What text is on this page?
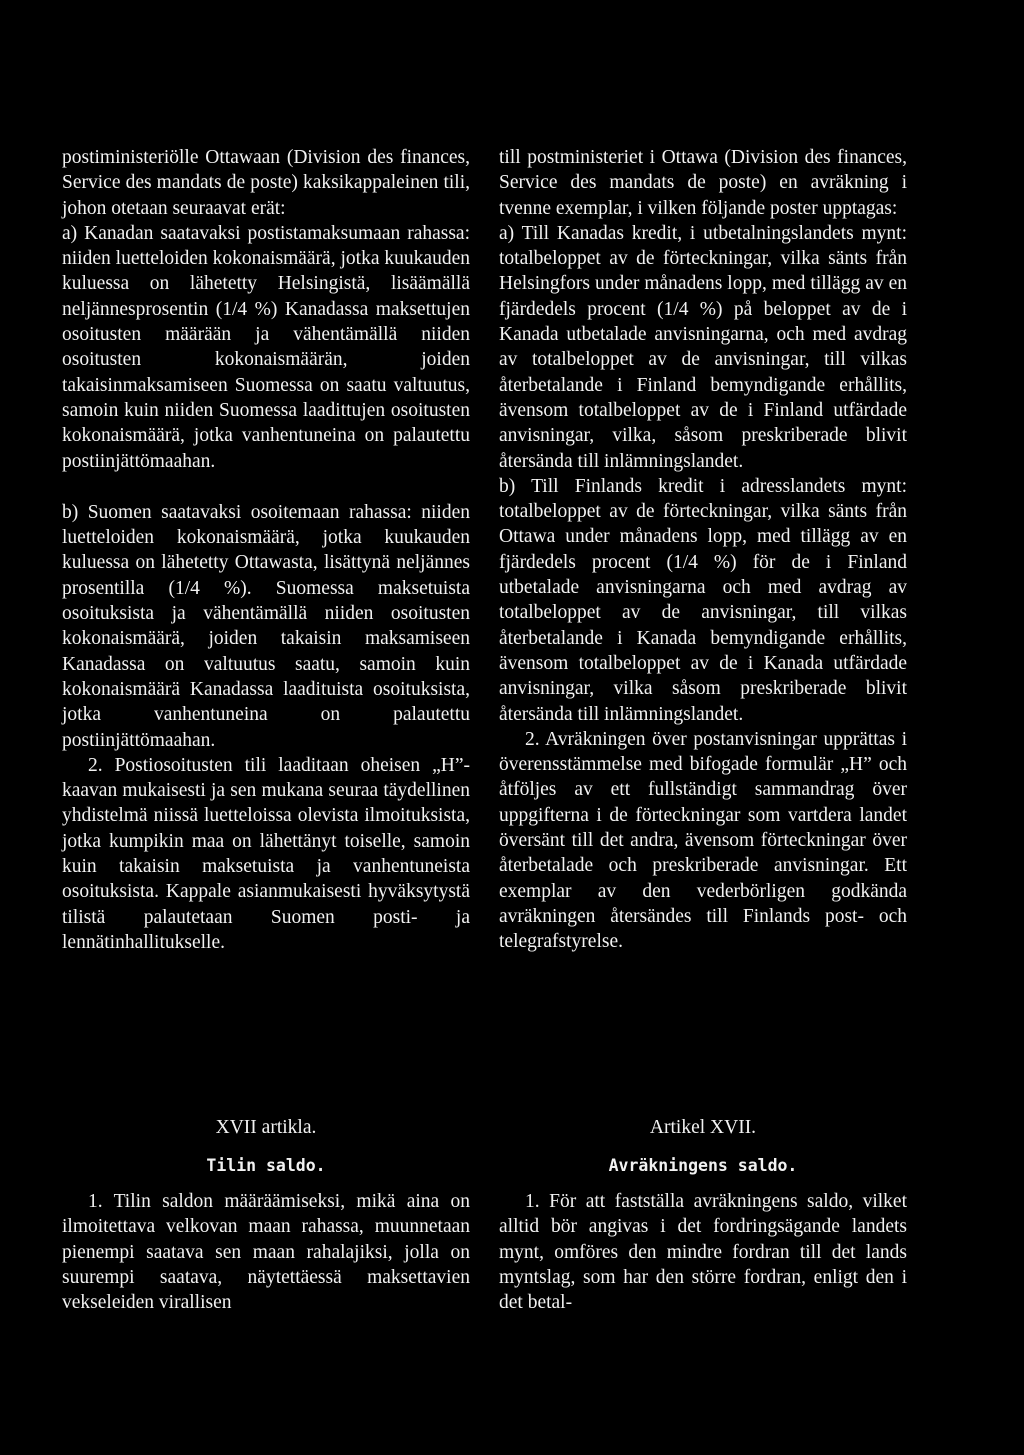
postiministeriölle Ottawaan (Division des finances, Service des mandats de poste) kaksikappaleinen tili, johon otetaan seuraavat erät:

a) Kanadan saatavaksi postistamaksumaan rahassa: niiden luetteloiden kokonaismäärä, jotka kuukauden kuluessa on lähetetty Helsingistä, lisäämällä neljännesprosentin (1/4 %) Kanadassa maksettujen osoitusten määrään ja vähentämällä niiden osoitusten kokonaismäärän, joiden takaisinmaksamiseen Suomessa on saatu valtuutus, samoin kuin niiden Suomessa laadittujen osoitusten kokonaismäärä, jotka vanhentuneina on palautettu postiinjättömaahan.

b) Suomen saatavaksi osoitemaan rahassa: niiden luetteloiden kokonaismäärä, jotka kuukauden kuluessa on lähetetty Ottawasta, lisättynä neljännes prosentilla (1/4 %). Suomessa maksetuista osoituksista ja vähentämällä niiden osoitusten kokonaismäärä, joiden takaisin maksamiseen Kanadassa on valtuutus saatu, samoin kuin kokonaismäärä Kanadassa laadituista osoituksista, jotka vanhentuneina on palautettu postiinjättömaahan.

2. Postiosoitusten tili laaditaan oheisen „H”-kaavan mukaisesti ja sen mukana seuraa täydellinen yhdistelmä niissä luetteloissa olevista ilmoituksista, jotka kumpikin maa on lähettänyt toiselle, samoin kuin takaisin maksetuista ja vanhentuneista osoituksista. Kappale asianmukaisesti hyväksytystä tilistä palautetaan Suomen posti- ja lennätinhallitukselle.

till postministeriet i Ottawa (Division des finances, Service des mandats de poste) en avräkning i tvenne exemplar, i vilken följande poster upptagas:

a) Till Kanadas kredit, i utbetalningslandets mynt: totalbeloppet av de förteckningar, vilka sänts från Helsingfors under månadens lopp, med tillägg av en fjärdedels procent (1/4 %) på beloppet av de i Kanada utbetalade anvisningarna, och med avdrag av totalbeloppet av de anvisningar, till vilkas återbetalande i Finland bemyndigande erhållits, ävensom totalbeloppet av de i Finland utfärdade anvisningar, vilka, såsom preskriberade blivit återsända till inlämningslandet.

b) Till Finlands kredit i adresslandets mynt: totalbeloppet av de förteckningar, vilka sänts från Ottawa under månadens lopp, med tillägg av en fjärdedels procent (1/4 %) för de i Finland utbetalade anvisningarna och med avdrag av totalbeloppet av de anvisningar, till vilkas återbetalande i Kanada bemyndigande erhållits, ävensom totalbeloppet av de i Kanada utfärdade anvisningar, vilka såsom preskriberade blivit återsända till inlämningslandet.

2. Avräkningen över postanvisningar upprättas i överensstämmelse med bifogade formulär „H” och åtföljes av ett fullständigt sammandrag över uppgifterna i de förteckningar som vartdera landet översänt till det andra, ävensom förteckningar över återbetalade och preskriberade anvisningar. Ett exemplar av den vederbörligen godkända avräkningen återsändes till Finlands post- och telegrafstyrelse.

XVII artikla.	Artikel XVII.
Tilin saldo.	Avräkningens saldo.

1. Tilin saldon määräämiseksi, mikä aina on ilmoitettava velkovan maan rahassa, muunnetaan pienempi saatava sen maan rahalajiksi, jolla on suurempi saatava, näytettäessä maksettavien vekseleiden virallisen

1. För att fastställa avräkningens saldo, vilket alltid bör angivas i det fordringsägande landets mynt, omföres den mindre fordran till det lands myntslag, som har den större fordran, enligt den i det betal-
